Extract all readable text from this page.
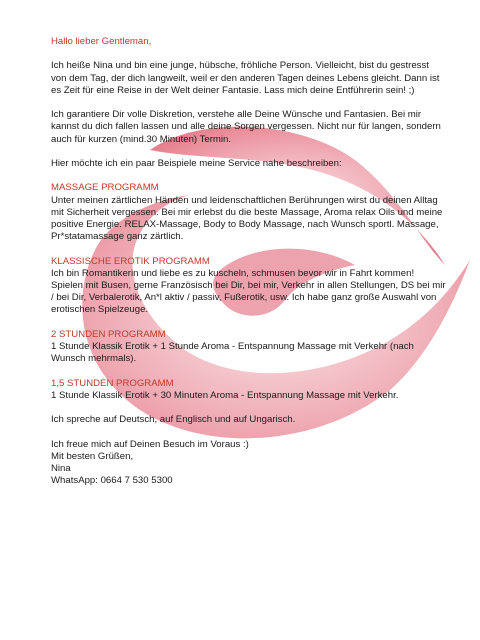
Hallo lieber Gentleman,

Ich heiße Nina und bin eine junge, hübsche, fröhliche Person. Vielleicht, bist du gestresst von dem Tag, der dich langweilt, weil er den anderen Tagen deines Lebens gleicht. Dann ist es Zeit für eine Reise in der Welt deiner Fantasie. Lass mich deine Entführerin sein! ;)

Ich garantiere Dir volle Diskretion, verstehe alle Deine Wünsche und Fantasien. Bei mir kannst du dich fallen lassen und alle deine Sorgen vergessen. Nicht nur für langen, sondern auch für kurzen (mind.30 Minuten) Termin.

Hier möchte ich ein paar Beispiele meine Service nahe beschreiben:

MASSAGE PROGRAMM
Unter meinen zärtlichen Händen und leidenschaftlichen Berührungen wirst du deinen Alltag mit Sicherheit vergessen. Bei mir erlebst du die beste Massage, Aroma relax Oils und meine positive Energie. RELAX-Massage, Body to Body Massage, nach Wunsch sportl. Massage, Pr*statamassage ganz zärtlich.

KLASSISCHE EROTIK PROGRAMM
Ich bin Romantikerin und liebe es zu kuscheln, schmusen bevor wir in Fahrt kommen! Spielen mit Busen, gerne Französisch bei Dir, bei mir, Verkehr in allen Stellungen, DS bei mir / bei Dir, Verbalerotik, An*l aktiv / passiv, Fußerotik, usw. Ich habe ganz große Auswahl von erotischen Spielzeuge.

2 STUNDEN PROGRAMM
1 Stunde Klassik Erotik + 1 Stunde Aroma - Entspannung Massage mit Verkehr (nach Wunsch mehrmals).

1,5 STUNDEN PROGRAMM
1 Stunde Klassik Erotik + 30 Minuten Aroma - Entspannung Massage mit Verkehr.

Ich spreche auf Deutsch, auf Englisch und auf Ungarisch.

Ich freue mich auf Deinen Besuch im Voraus :)
Mit besten Grüßen,
Nina
WhatsApp: 0664 7 530 5300
